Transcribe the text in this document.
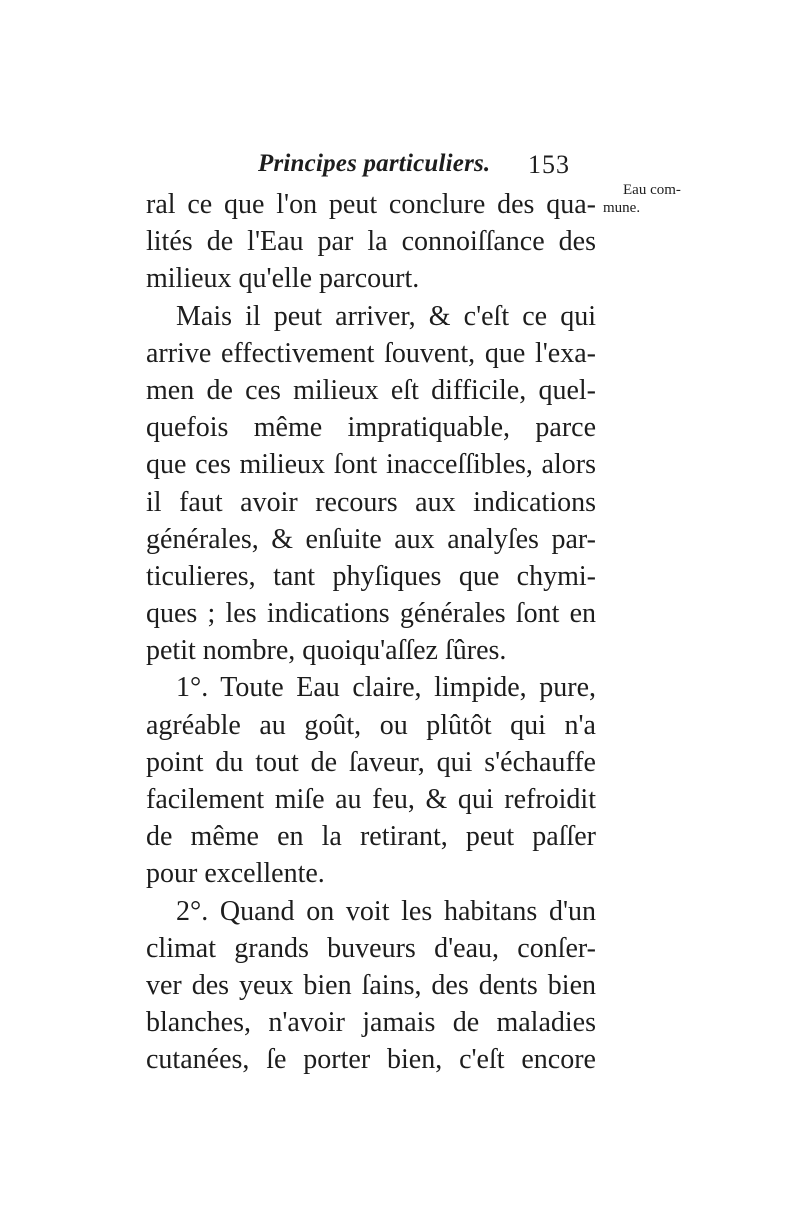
Principes particuliers. 153
Eau com-
mune.
ral ce que l'on peut conclure des qua-
lités de l'Eau par la connoiſſance des
milieux qu'elle parcourt.
Mais il peut arriver, & c'eſt ce qui
arrive effectivement ſouvent, que l'exa-
men de ces milieux eſt difficile, quel-
quefois même impratiquable, parce
que ces milieux ſont inacceſſibles, alors
il faut avoir recours aux indications
générales, & enſuite aux analyſes par-
ticulieres, tant phyſiques que chymi-
ques ; les indications générales ſont en
petit nombre, quoiqu'aſſez ſûres.
1°. Toute Eau claire, limpide, pure,
agréable au goût, ou plûtôt qui n'a
point du tout de ſaveur, qui s'échauffe
facilement miſe au feu, & qui refroidit
de même en la retirant, peut paſſer
pour excellente.
2°. Quand on voit les habitans d'un
climat grands buveurs d'eau, conſer-
ver des yeux bien ſains, des dents bien
blanches, n'avoir jamais de maladies
cutanées, ſe porter bien, c'eſt encore
